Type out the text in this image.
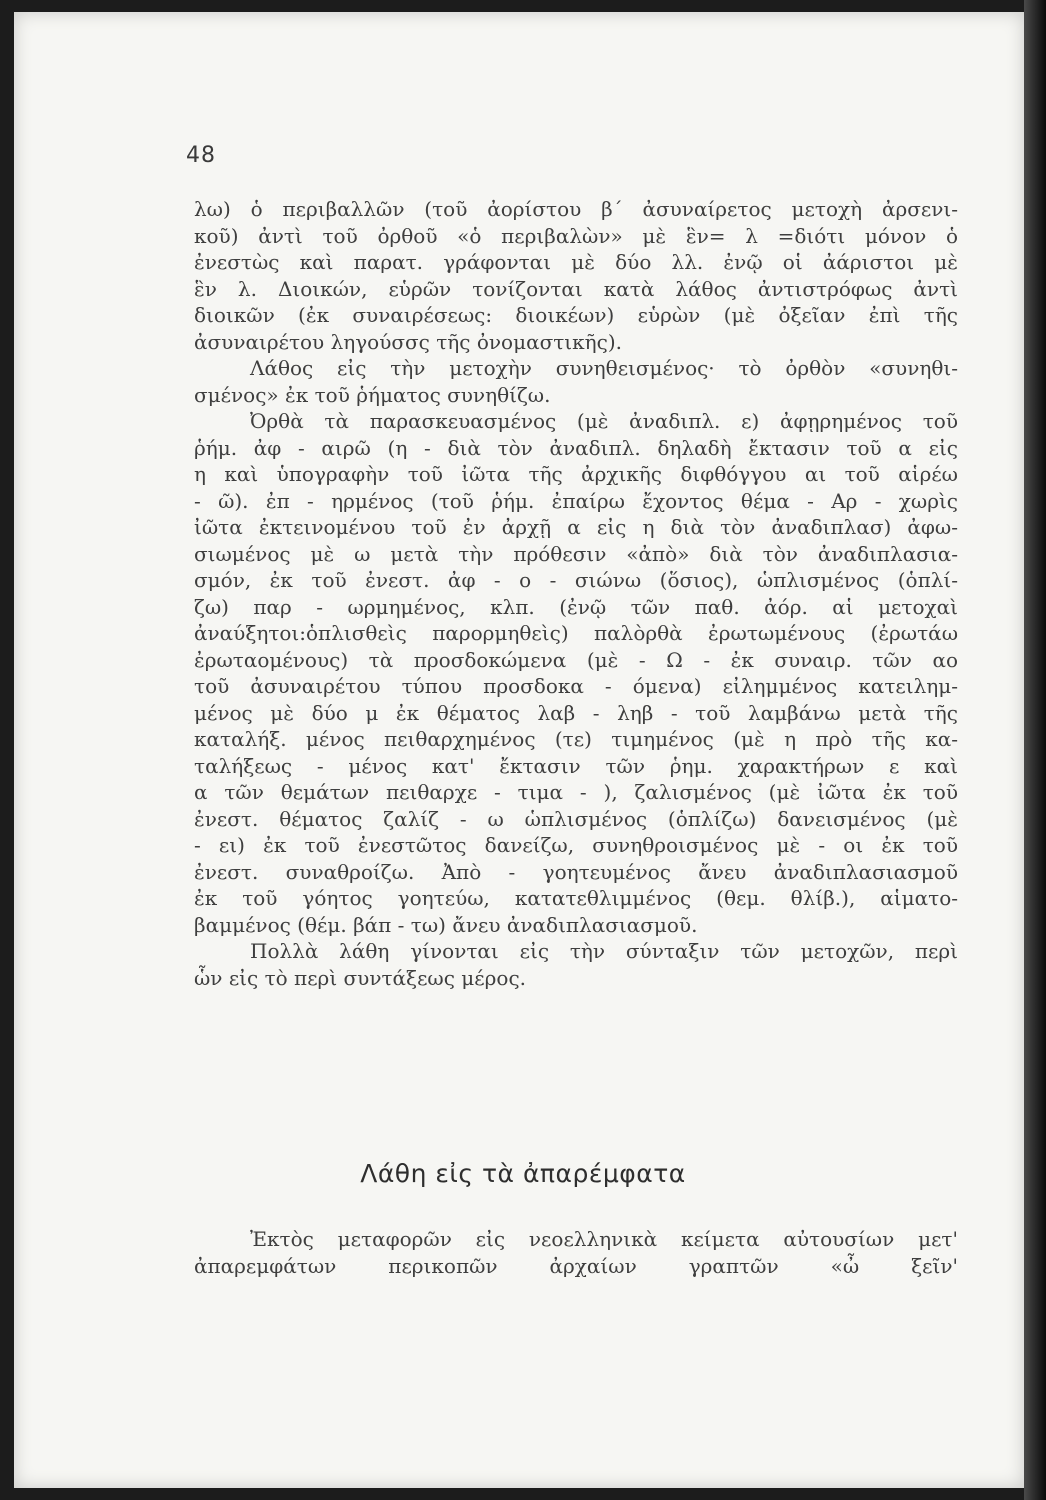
48
λω) ὁ περιβαλλῶν (τοῦ ἀορίστου β΄ ἀσυναίρετος μετοχὴ ἀρσενι-
κοῦ) ἀντὶ τοῦ ὀρθοῦ «ὁ περιβαλὼν» μὲ ἓν= λ =διότι μόνον ὁ
ἐνεστὼς καὶ παρατ. γράφονται μὲ δύο λλ. ἐνῷ οἱ ἀάριστοι μὲ
ἓν λ. Διοικών, εὑρῶν τονίζονται κατὰ λάθος ἀντιστρόφως ἀντὶ
διοικῶν (ἐκ συναιρέσεως: διοικέων) εὑρὼν (μὲ ὀξεῖαν ἐπὶ τῆς
ἀσυναιρέτου ληγούσσς τῆς ὀνομαστικῆς).
Λάθος εἰς τὴν μετοχὴν συνηθεισμένος· τὸ ὀρθὸν «συνηθι-
σμένος» ἐκ τοῦ ῥήματος συνηθίζω.
Ὀρθὰ τὰ παρασκευασμένος (μὲ ἀναδιπλ. ε) ἀφῃρημένος τοῦ
ῥήμ. ἀφ - αιρῶ (η - διὰ τὸν ἀναδιπλ. δηλαδὴ ἔκτασιν τοῦ α εἰς
η καὶ ὑπογραφὴν τοῦ ἰῶτα τῆς ἀρχικῆς διφθόγγου αι τοῦ αἱρέω
- ῶ). ἐπ - ηρμένος (τοῦ ῥήμ. ἐπαίρω ἔχοντος θέμα - Αρ - χωρὶς
ἰῶτα ἐκτεινομένου τοῦ ἐν ἀρχῇ α εἰς η διὰ τὸν ἀναδιπλασ) ἀφω-
σιωμένος μὲ ω μετὰ τὴν πρόθεσιν «ἀπὸ» διὰ τὸν ἀναδιπλασια-
σμόν, ἐκ τοῦ ἐνεστ. ἀφ - ο - σιώνω (ὅσιος), ὡπλισμένος (ὁπλί-
ζω) παρ - ωρμημένος, κλπ. (ἐνῷ τῶν παθ. ἀόρ. αἱ μετοχαὶ
ἀναύξητοι:ὁπλισθεὶς παρορμηθεὶς) παλὸρθὰ ἐρωτωμένους (ἐρωτάω
ἐρωταομένους) τὰ προσδοκώμενα (μὲ - Ω - ἐκ συναιρ. τῶν αο
τοῦ ἀσυναιρέτου τύπου προσδοκα - όμενα) εἰλημμένος κατειλημ-
μένος μὲ δύο μ ἐκ θέματος λαβ - ληβ - τοῦ λαμβάνω μετὰ τῆς
καταλήξ. μένος πειθαρχημένος (τε) τιμημένος (μὲ η πρὸ τῆς κα-
ταλήξεως - μένος κατ' ἔκτασιν τῶν ῥημ. χαρακτήρων ε καὶ
α τῶν θεμάτων πειθαρχε - τιμα - ), ζαλισμένος (μὲ ἰῶτα ἐκ τοῦ
ἐνεστ. θέματος ζαλίζ - ω ὡπλισμένος (ὁπλίζω) δανεισμένος (μὲ
- ει) ἐκ τοῦ ἐνεστῶτος δανείζω, συνηθροισμένος μὲ - οι ἐκ τοῦ
ἐνεστ. συναθροίζω. Ἀπὸ - γοητευμένος ἄνευ ἀναδιπλασιασμοῦ
ἐκ τοῦ γόητος γοητεύω, κατατεθλιμμένος (θεμ. θλίβ.), αἱματο-
βαμμένος (θέμ. βάπ - τω) ἄνευ ἀναδιπλασιασμοῦ.
Πολλὰ λάθη γίνονται εἰς τὴν σύνταξιν τῶν μετοχῶν, περὶ
ὧν εἰς τὸ περὶ συντάξεως μέρος.
Λάθη εἰς τὰ ἀπαρέμφατα
Ἐκτὸς μεταφορῶν εἰς νεοελληνικὰ κείμετα αὐτουσίων μετ'
ἀπαρεμφάτων περικοπῶν ἀρχαίων γραπτῶν «ὦ ξεῖν'
